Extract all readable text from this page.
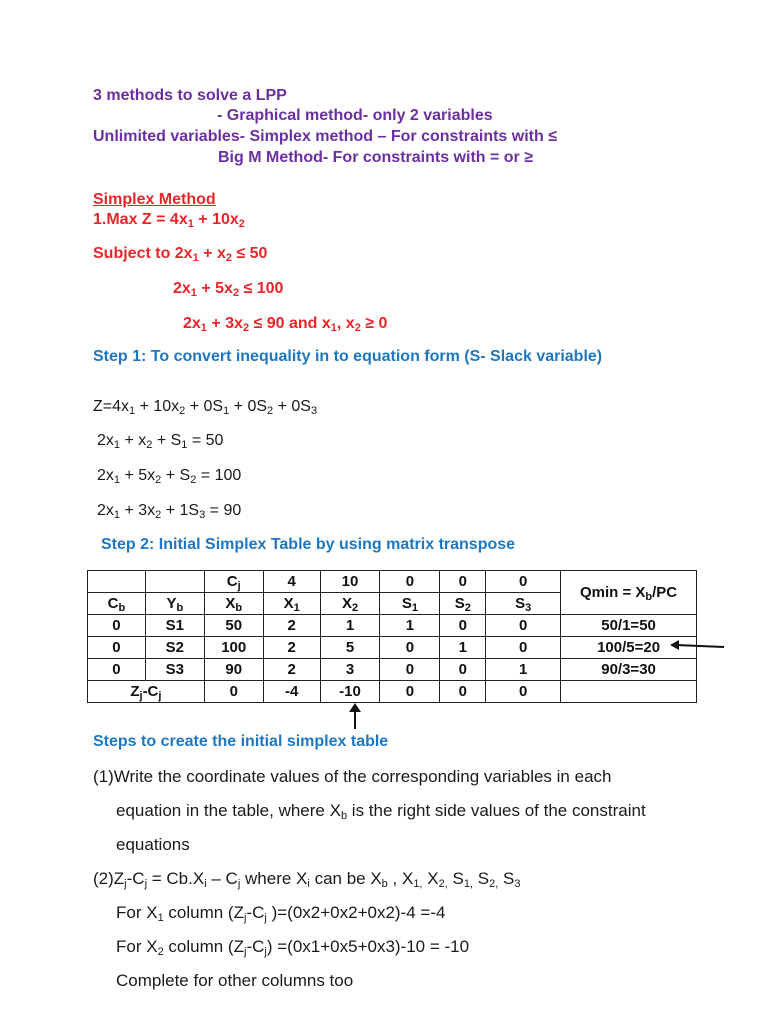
3 methods to solve a LPP
- Graphical method- only 2 variables
Unlimited variables- Simplex method – For constraints with ≤
Big M Method- For constraints with = or ≥
Simplex Method
1.Max $Z = 4x_1 + 10x_2$
Subject to $2x_1 + x_2 \le 50$
$2x_1 + 5x_2 \le 100$
$2x_1 + 3x_2 \le 90$ and $x_1$, $x_2 \ge 0$
Step 1: To convert inequality in to equation form (S- Slack variable)
$Z=4x_1 + 10x_2 + 0S_1 + 0S_2 + 0S_3$
$2x_1 + x_2 + S_1 = 50$
$2x_1 + 5x_2 + S_2 = 100$
$2x_1 + 3x_2 + 1S_3 = 90$
Step 2: Initial Simplex Table by using matrix transpose
		$C_j$	4	10	0	0	0	$Qmin = X_b/PC$
$C_b$	$Y_b$	$X_b$	$X_1$	$X_2$	$S_1$	$S_2$	$S_3$
0	S1	50	2	1	1	0	0	50/1=50
0	S2	100	2	5	0	1	0	100/5=20
0	S3	90	2	3	0	0	1	90/3=30
$Z_j-C_j$		0	-4	-10	0	0	0	
Steps to create the initial simplex table
(1)Write the coordinate values of the corresponding variables in each
equation in the table, where $X_b$ is the right side values of the constraint
equations
$(2)Z_j-C_j = Cb.X_i - C_j$ where $X_i$ can be $X_b$ , $X_{1,}$ $X_{2,}$ $S_{1,}$ $S_{2,}$ $S_3$
For $X_1$ column ($Z_j-C_j$ )=(0x2+0x2+0x2)-4 =-4
For $X_2$ column $(Z_j-C_j) =(0x1+0x5+0x3)-10 = -10$
Complete for other columns too
